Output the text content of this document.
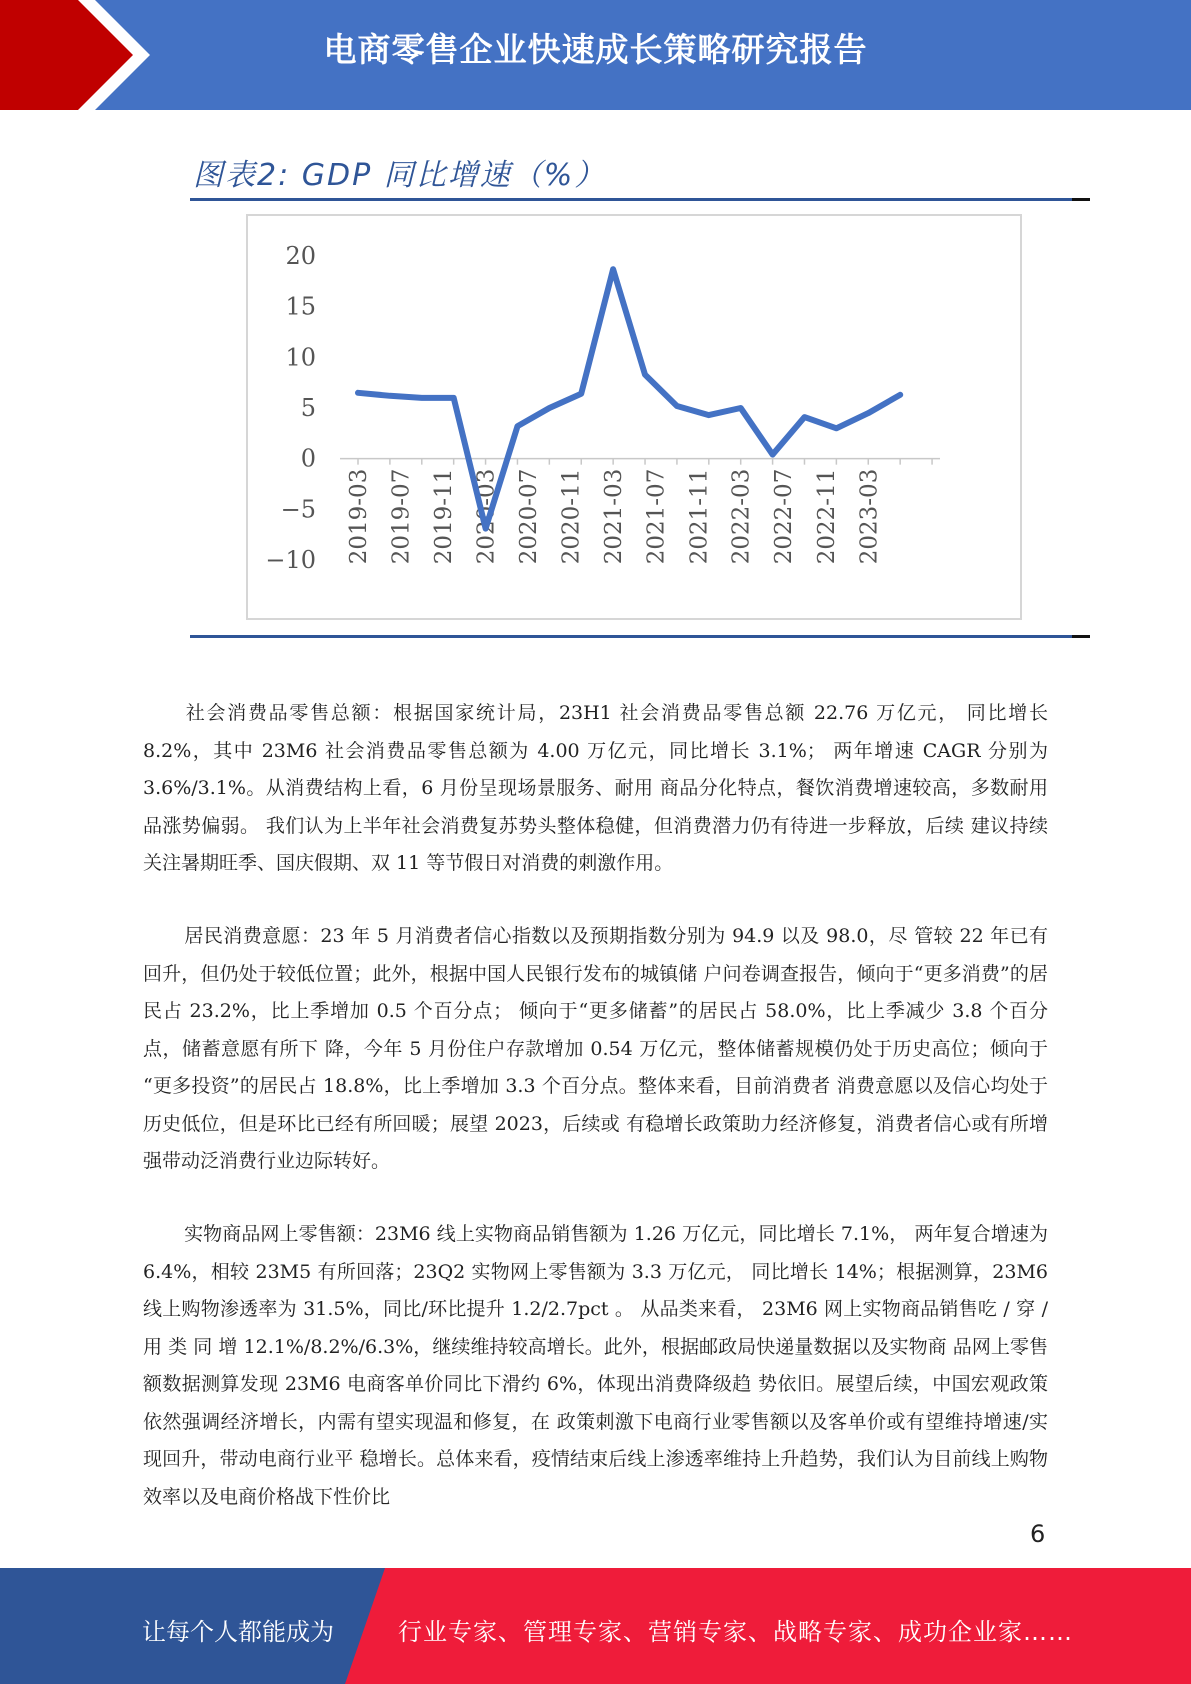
电商零售企业快速成长策略研究报告
图表2: GDP 同比增速（%）
20
15
10
5
0
−5
−10 2019-03 2019-07 2019-11 2020-03 2020-07 2020-11 2021-03 2021-07 2021-11 2022-03 2022-07 2022-11 2023-03

社会消费品零售总额：根据国家统计局，23H1 社会消费品零售总额 22.76 万亿元， 同比增长 8.2%，其中 23M6 社会消费品零售总额为 4.00 万亿元，同比增长 3.1%； 两年增速 CAGR 分别为 3.6%/3.1%。从消费结构上看，6 月份呈现场景服务、耐用 商品分化特点，餐饮消费增速较高，多数耐用品涨势偏弱。 我们认为上半年社会消费复苏势头整体稳健，但消费潜力仍有待进一步释放，后续 建议持续关注暑期旺季、国庆假期、双 11 等节假日对消费的刺激作用。

居民消费意愿：23 年 5 月消费者信心指数以及预期指数分别为 94.9 以及 98.0，尽 管较 22 年已有回升，但仍处于较低位置；此外，根据中国人民银行发布的城镇储 户问卷调查报告，倾向于“更多消费”的居民占 23.2%，比上季增加 0.5 个百分点； 倾向于“更多储蓄”的居民占 58.0%，比上季减少 3.8 个百分点，储蓄意愿有所下 降，今年 5 月份住户存款增加 0.54 万亿元，整体储蓄规模仍处于历史高位；倾向于 “更多投资”的居民占 18.8%，比上季增加 3.3 个百分点。整体来看，目前消费者 消费意愿以及信心均处于历史低位，但是环比已经有所回暖；展望 2023，后续或 有稳增长政策助力经济修复，消费者信心或有所增强带动泛消费行业边际转好。

实物商品网上零售额：23M6 线上实物商品销售额为 1.26 万亿元，同比增长 7.1%， 两年复合增速为 6.4%，相较 23M5 有所回落；23Q2 实物网上零售额为 3.3 万亿元， 同比增长 14%；根据测算，23M6 线上购物渗透率为 31.5%，同比/环比提升 1.2/2.7pct 。 从品类来看， 23M6 网上实物商品销售吃 / 穿 / 用 类 同 增 12.1%/8.2%/6.3%，继续维持较高增长。此外，根据邮政局快递量数据以及实物商 品网上零售额数据测算发现 23M6 电商客单价同比下滑约 6%，体现出消费降级趋 势依旧。展望后续，中国宏观政策依然强调经济增长，内需有望实现温和修复，在 政策刺激下电商行业零售额以及客单价或有望维持增速/实现回升，带动电商行业平 稳增长。总体来看，疫情结束后线上渗透率维持上升趋势，我们认为目前线上购物 效率以及电商价格战下性价比

6
让每个人都能成为	行业专家、管理专家、营销专家、战略专家、成功企业家……
